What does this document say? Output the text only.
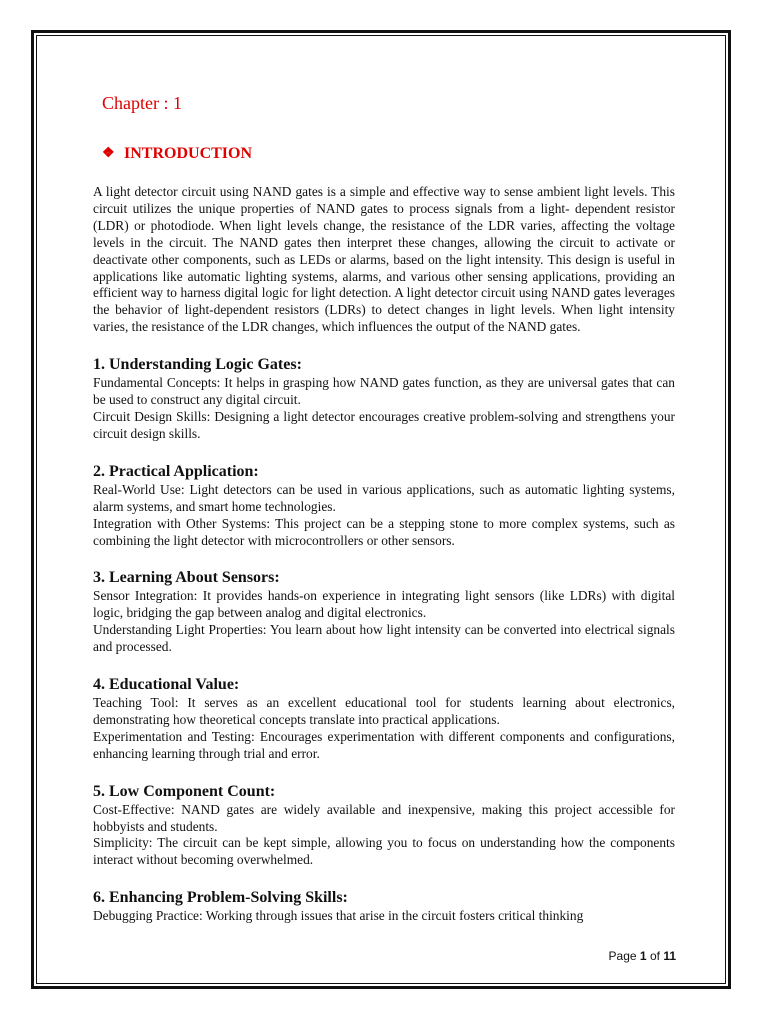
Chapter : 1
❖ INTRODUCTION

A light detector circuit using NAND gates is a simple and effective way to sense ambient light levels. This circuit utilizes the unique properties of NAND gates to process signals from a light- dependent resistor (LDR) or photodiode. When light levels change, the resistance of the LDR varies, affecting the voltage levels in the circuit. The NAND gates then interpret these changes, allowing the circuit to activate or deactivate other components, such as LEDs or alarms, based on the light intensity. This design is useful in applications like automatic lighting systems, alarms, and various other sensing applications, providing an efficient way to harness digital logic for light detection. A light detector circuit using NAND gates leverages the behavior of light-dependent resistors (LDRs) to detect changes in light levels. When light intensity varies, the resistance of the LDR changes, which influences the output of the NAND gates.

1. Understanding Logic Gates:

Fundamental Concepts: It helps in grasping how NAND gates function, as they are universal gates that can be used to construct any digital circuit.

Circuit Design Skills: Designing a light detector encourages creative problem-solving and strengthens your circuit design skills.

2. Practical Application:

Real-World Use: Light detectors can be used in various applications, such as automatic lighting systems, alarm systems, and smart home technologies.

Integration with Other Systems: This project can be a stepping stone to more complex systems, such as combining the light detector with microcontrollers or other sensors.

3. Learning About Sensors:

Sensor Integration: It provides hands-on experience in integrating light sensors (like LDRs) with digital logic, bridging the gap between analog and digital electronics.

Understanding Light Properties: You learn about how light intensity can be converted into electrical signals and processed.

4. Educational Value:

Teaching Tool: It serves as an excellent educational tool for students learning about electronics, demonstrating how theoretical concepts translate into practical applications.

Experimentation and Testing: Encourages experimentation with different components and configurations, enhancing learning through trial and error.

5. Low Component Count:

Cost-Effective: NAND gates are widely available and inexpensive, making this project accessible for hobbyists and students.

Simplicity: The circuit can be kept simple, allowing you to focus on understanding how the components interact without becoming overwhelmed.

6. Enhancing Problem-Solving Skills:

Debugging Practice: Working through issues that arise in the circuit fosters critical thinking

Page 1 of 11
